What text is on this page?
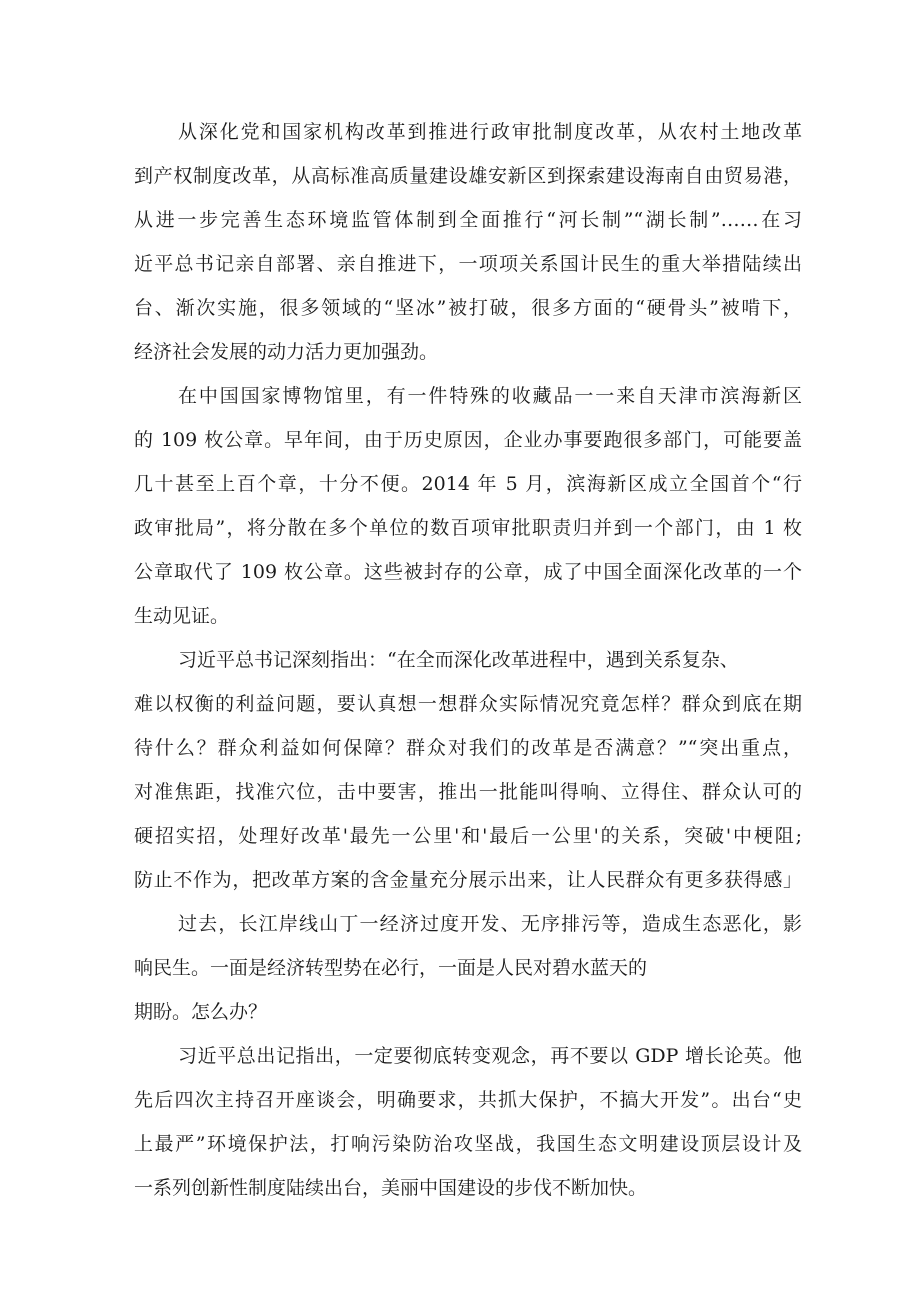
从深化党和国家机构改革到推进行政审批制度改革，从农村土地改革
到产权制度改革，从高标准高质量建设雄安新区到探索建设海南自由贸易港，
从进一步完善生态环境监管体制到全面推行“河长制”“湖长制”……在习
近平总书记亲自部署、亲自推进下，一项项关系国计民生的重大举措陆续出
台、渐次实施，很多领域的“坚冰”被打破，很多方面的“硬骨头”被啃下，
经济社会发展的动力活力更加强劲。
在中国国家博物馆里，有一件特殊的收藏品一一来自天津市滨海新区
的 109 枚公章。早年间，由于历史原因，企业办事要跑很多部门，可能要盖
几十甚至上百个章，十分不便。2014 年 5 月，滨海新区成立全国首个“行
政审批局”，将分散在多个单位的数百项审批职责归并到一个部门，由 1 枚
公章取代了 109 枚公章。这些被封存的公章，成了中国全面深化改革的一个
生动见证。
习近平总书记深刻指出：“在全而深化改革进程中，遇到关系复杂、
难以权衡的利益问题，要认真想一想群众实际情况究竟怎样？群众到底在期
待什么？群众利益如何保障？群众对我们的改革是否满意？”“突出重点，
对准焦距，找准穴位，击中要害，推出一批能叫得响、立得住、群众认可的
硬招实招，处理好改革'最先一公里'和'最后一公里'的关系，突破'中梗阻;
防止不作为，把改革方案的含金量充分展示出来，让人民群众有更多获得感」
过去，长江岸线山丁一经济过度开发、无序排污等，造成生态恶化，影
响民生。一面是经济转型势在必行，一面是人民对碧水蓝天的
期盼。怎么办？
习近平总出记指出，一定要彻底转变观念，再不要以 GDP 增长论英。他
先后四次主持召开座谈会，明确要求，共抓大保护，不搞大开发”。出台“史
上最严”环境保护法，打响污染防治攻坚战，我国生态文明建设顶层设计及
一系列创新性制度陆续出台，美丽中国建设的步伐不断加快。
